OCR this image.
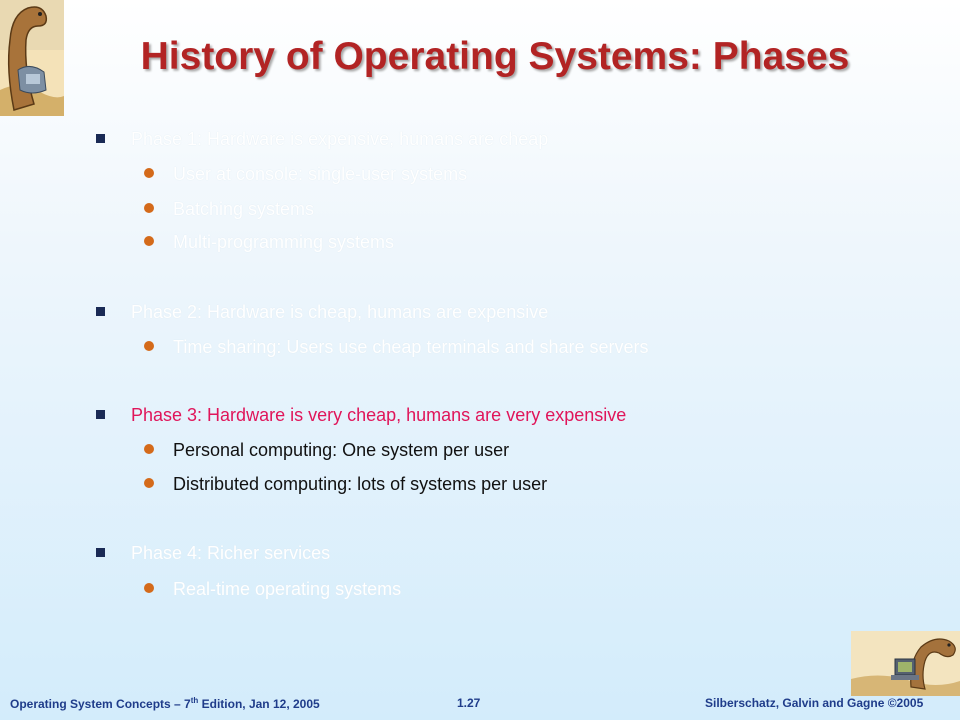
History of Operating Systems: Phases
Phase 1: Hardware is expensive, humans are cheap
User at console: single-user systems
Batching systems
Multi-programming systems
Phase 2: Hardware is cheap, humans are expensive
Time sharing: Users use cheap terminals and share servers
Phase 3: Hardware is very cheap, humans are very expensive
Personal computing: One system per user
Distributed computing: lots of systems per user
Phase 4: Richer services
Real-time operating systems
Operating System Concepts – 7th Edition, Jan 12, 2005	1.27	Silberschatz, Galvin and Gagne ©2005
